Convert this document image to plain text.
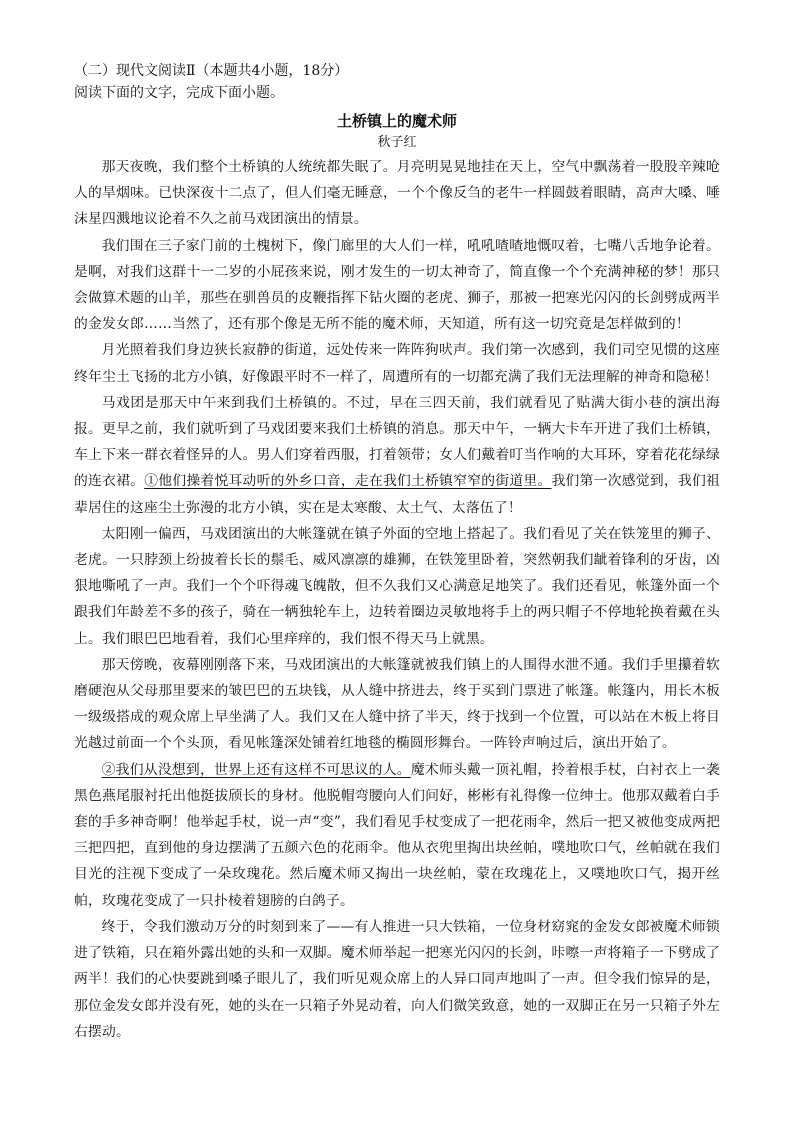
（二）现代文阅读Ⅱ（本题共4小题，18分）

阅读下面的文字，完成下面小题。

土桥镇上的魔术师

秋子红

那天夜晚，我们整个土桥镇的人统统都失眠了。月亮明晃晃地挂在天上，空气中飘荡着一股股辛辣呛人的旱烟味。已快深夜十二点了，但人们毫无睡意，一个个像反刍的老牛一样圆鼓着眼睛，高声大嗓、唾沫星四溅地议论着不久之前马戏团演出的情景。

我们围在三子家门前的土槐树下，像门廊里的大人们一样，吼吼喳喳地慨叹着，七嘴八舌地争论着。是啊，对我们这群十一二岁的小屁孩来说，刚才发生的一切太神奇了，简直像一个个充满神秘的梦！那只会做算术题的山羊，那些在驯兽员的皮鞭指挥下钻火圈的老虎、狮子，那被一把寒光闪闪的长剑劈成两半的金发女郎……当然了，还有那个像是无所不能的魔术师，天知道，所有这一切究竟是怎样做到的！

月光照着我们身边狭长寂静的街道，远处传来一阵阵狗吠声。我们第一次感到，我们司空见惯的这座终年尘土飞扬的北方小镇，好像跟平时不一样了，周遭所有的一切都充满了我们无法理解的神奇和隐秘！

马戏团是那天中午来到我们土桥镇的。不过，早在三四天前，我们就看见了贴满大街小巷的演出海报。更早之前，我们就听到了马戏团要来我们土桥镇的消息。那天中午，一辆大卡车开进了我们土桥镇，车上下来一群衣着怪异的人。男人们穿着西服，打着领带；女人们戴着叮当作响的大耳环，穿着花花绿绿的连衣裙。①他们操着悦耳动听的外乡口音，走在我们土桥镇窄窄的街道里。我们第一次感觉到，我们祖辈居住的这座尘土弥漫的北方小镇，实在是太寒酸、太土气、太落伍了！

太阳刚一偏西，马戏团演出的大帐篷就在镇子外面的空地上搭起了。我们看见了关在铁笼里的狮子、老虎。一只脖颈上纷披着长长的鬃毛、威风凛凛的雄狮，在铁笼里卧着，突然朝我们龇着锋利的牙齿，凶狠地嘶吼了一声。我们一个个吓得魂飞魄散，但不久我们又心满意足地笑了。我们还看见，帐篷外面一个跟我们年龄差不多的孩子，骑在一辆独轮车上，边转着圈边灵敏地将手上的两只帽子不停地轮换着戴在头上。我们眼巴巴地看着，我们心里痒痒的，我们恨不得天马上就黑。

那天傍晚，夜幕刚刚落下来，马戏团演出的大帐篷就被我们镇上的人围得水泄不通。我们手里攥着软磨硬泡从父母那里要来的皱巴巴的五块钱，从人缝中挤进去，终于买到门票进了帐篷。帐篷内，用长木板一级级搭成的观众席上早坐满了人。我们又在人缝中挤了半天，终于找到一个位置，可以站在木板上将目光越过前面一个个头顶，看见帐篷深处铺着红地毯的椭圆形舞台。一阵铃声响过后，演出开始了。

②我们从没想到，世界上还有这样不可思议的人。魔术师头戴一顶礼帽，拎着根手杖，白衬衣上一袭黑色燕尾服衬托出他挺拔颀长的身材。他脱帽弯腰向人们问好，彬彬有礼得像一位绅士。他那双戴着白手套的手多神奇啊！他举起手杖，说一声“变”，我们看见手杖变成了一把花雨伞，然后一把又被他变成两把三把四把，直到他的身边摆满了五颜六色的花雨伞。他从衣兜里掏出块丝帕，噗地吹口气，丝帕就在我们目光的注视下变成了一朵玫瑰花。然后魔术师又掏出一块丝帕，蒙在玫瑰花上，又噗地吹口气，揭开丝帕，玫瑰花变成了一只扑棱着翅膀的白鸽子。

终于，令我们激动万分的时刻到来了——有人推进一只大铁箱，一位身材窈窕的金发女郎被魔术师锁进了铁箱，只在箱外露出她的头和一双脚。魔术师举起一把寒光闪闪的长剑，咔嚓一声将箱子一下劈成了两半！我们的心快要跳到嗓子眼儿了，我们听见观众席上的人异口同声地叫了一声。但令我们惊异的是，那位金发女郎并没有死，她的头在一只箱子外晃动着，向人们微笑致意，她的一双脚正在另一只箱子外左右摆动。
